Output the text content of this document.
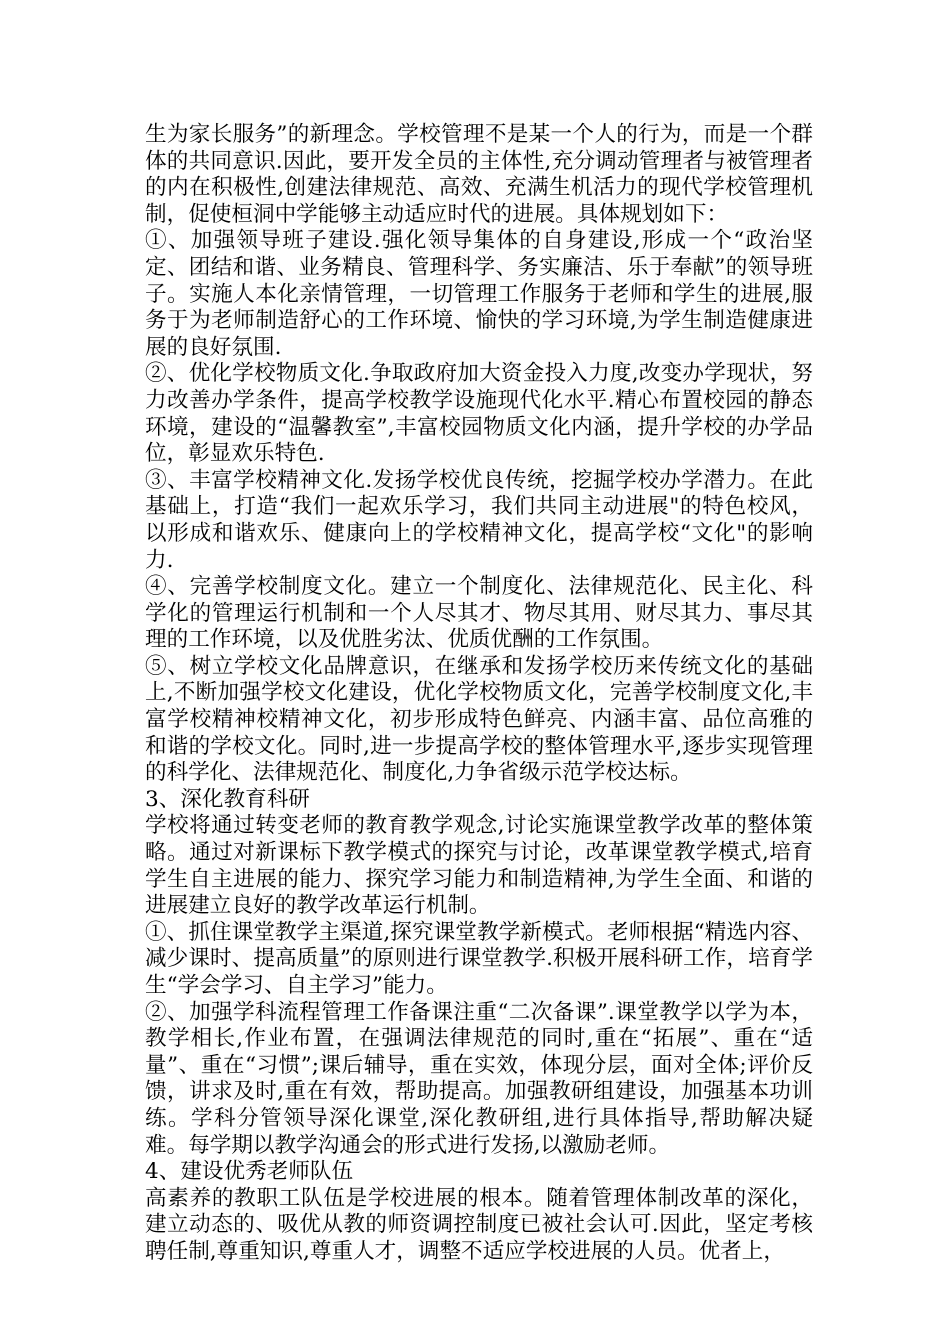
生为家长服务”的新理念。学校管理不是某一个人的行为，而是一个群体的共同意识.因此，要开发全员的主体性,充分调动管理者与被管理者的内在积极性,创建法律规范、高效、充满生机活力的现代学校管理机制，促使桓洞中学能够主动适应时代的进展。具体规划如下：

①、加强领导班子建设.强化领导集体的自身建设,形成一个“政治坚定、团结和谐、业务精良、管理科学、务实廉洁、乐于奉献”的领导班子。实施人本化亲情管理，一切管理工作服务于老师和学生的进展,服务于为老师制造舒心的工作环境、愉快的学习环境,为学生制造健康进展的良好氛围.

②、优化学校物质文化.争取政府加大资金投入力度,改变办学现状，努力改善办学条件，提高学校教学设施现代化水平.精心布置校园的静态环境，建设的“温馨教室”,丰富校园物质文化内涵，提升学校的办学品位，彰显欢乐特色.

③、丰富学校精神文化.发扬学校优良传统，挖掘学校办学潜力。在此基础上，打造“我们一起欢乐学习，我们共同主动进展"的特色校风，以形成和谐欢乐、健康向上的学校精神文化，提高学校“文化"的影响力.

④、完善学校制度文化。建立一个制度化、法律规范化、民主化、科学化的管理运行机制和一个人尽其才、物尽其用、财尽其力、事尽其理的工作环境，以及优胜劣汰、优质优酬的工作氛围。

⑤、树立学校文化品牌意识，在继承和发扬学校历来传统文化的基础上,不断加强学校文化建设，优化学校物质文化，完善学校制度文化,丰富学校精神校精神文化，初步形成特色鲜亮、内涵丰富、品位高雅的和谐的学校文化。同时,进一步提高学校的整体管理水平,逐步实现管理的科学化、法律规范化、制度化,力争省级示范学校达标。

3、深化教育科研

学校将通过转变老师的教育教学观念,讨论实施课堂教学改革的整体策略。通过对新课标下教学模式的探究与讨论，改革课堂教学模式,培育学生自主进展的能力、探究学习能力和制造精神,为学生全面、和谐的进展建立良好的教学改革运行机制。

①、抓住课堂教学主渠道,探究课堂教学新模式。老师根据“精选内容、减少课时、提高质量”的原则进行课堂教学.积极开展科研工作，培育学生“学会学习、自主学习”能力。

②、加强学科流程管理工作备课注重“二次备课”.课堂教学以学为本，教学相长,作业布置，在强调法律规范的同时,重在“拓展”、重在“适量”、重在“习惯”;课后辅导，重在实效，体现分层，面对全体;评价反馈，讲求及时,重在有效，帮助提高。加强教研组建设，加强基本功训练。学科分管领导深化课堂,深化教研组,进行具体指导,帮助解决疑难。每学期以教学沟通会的形式进行发扬,以激励老师。

4、建设优秀老师队伍

高素养的教职工队伍是学校进展的根本。随着管理体制改革的深化，建立动态的、吸优从教的师资调控制度已被社会认可.因此，坚定考核聘任制,尊重知识,尊重人才，调整不适应学校进展的人员。优者上，
